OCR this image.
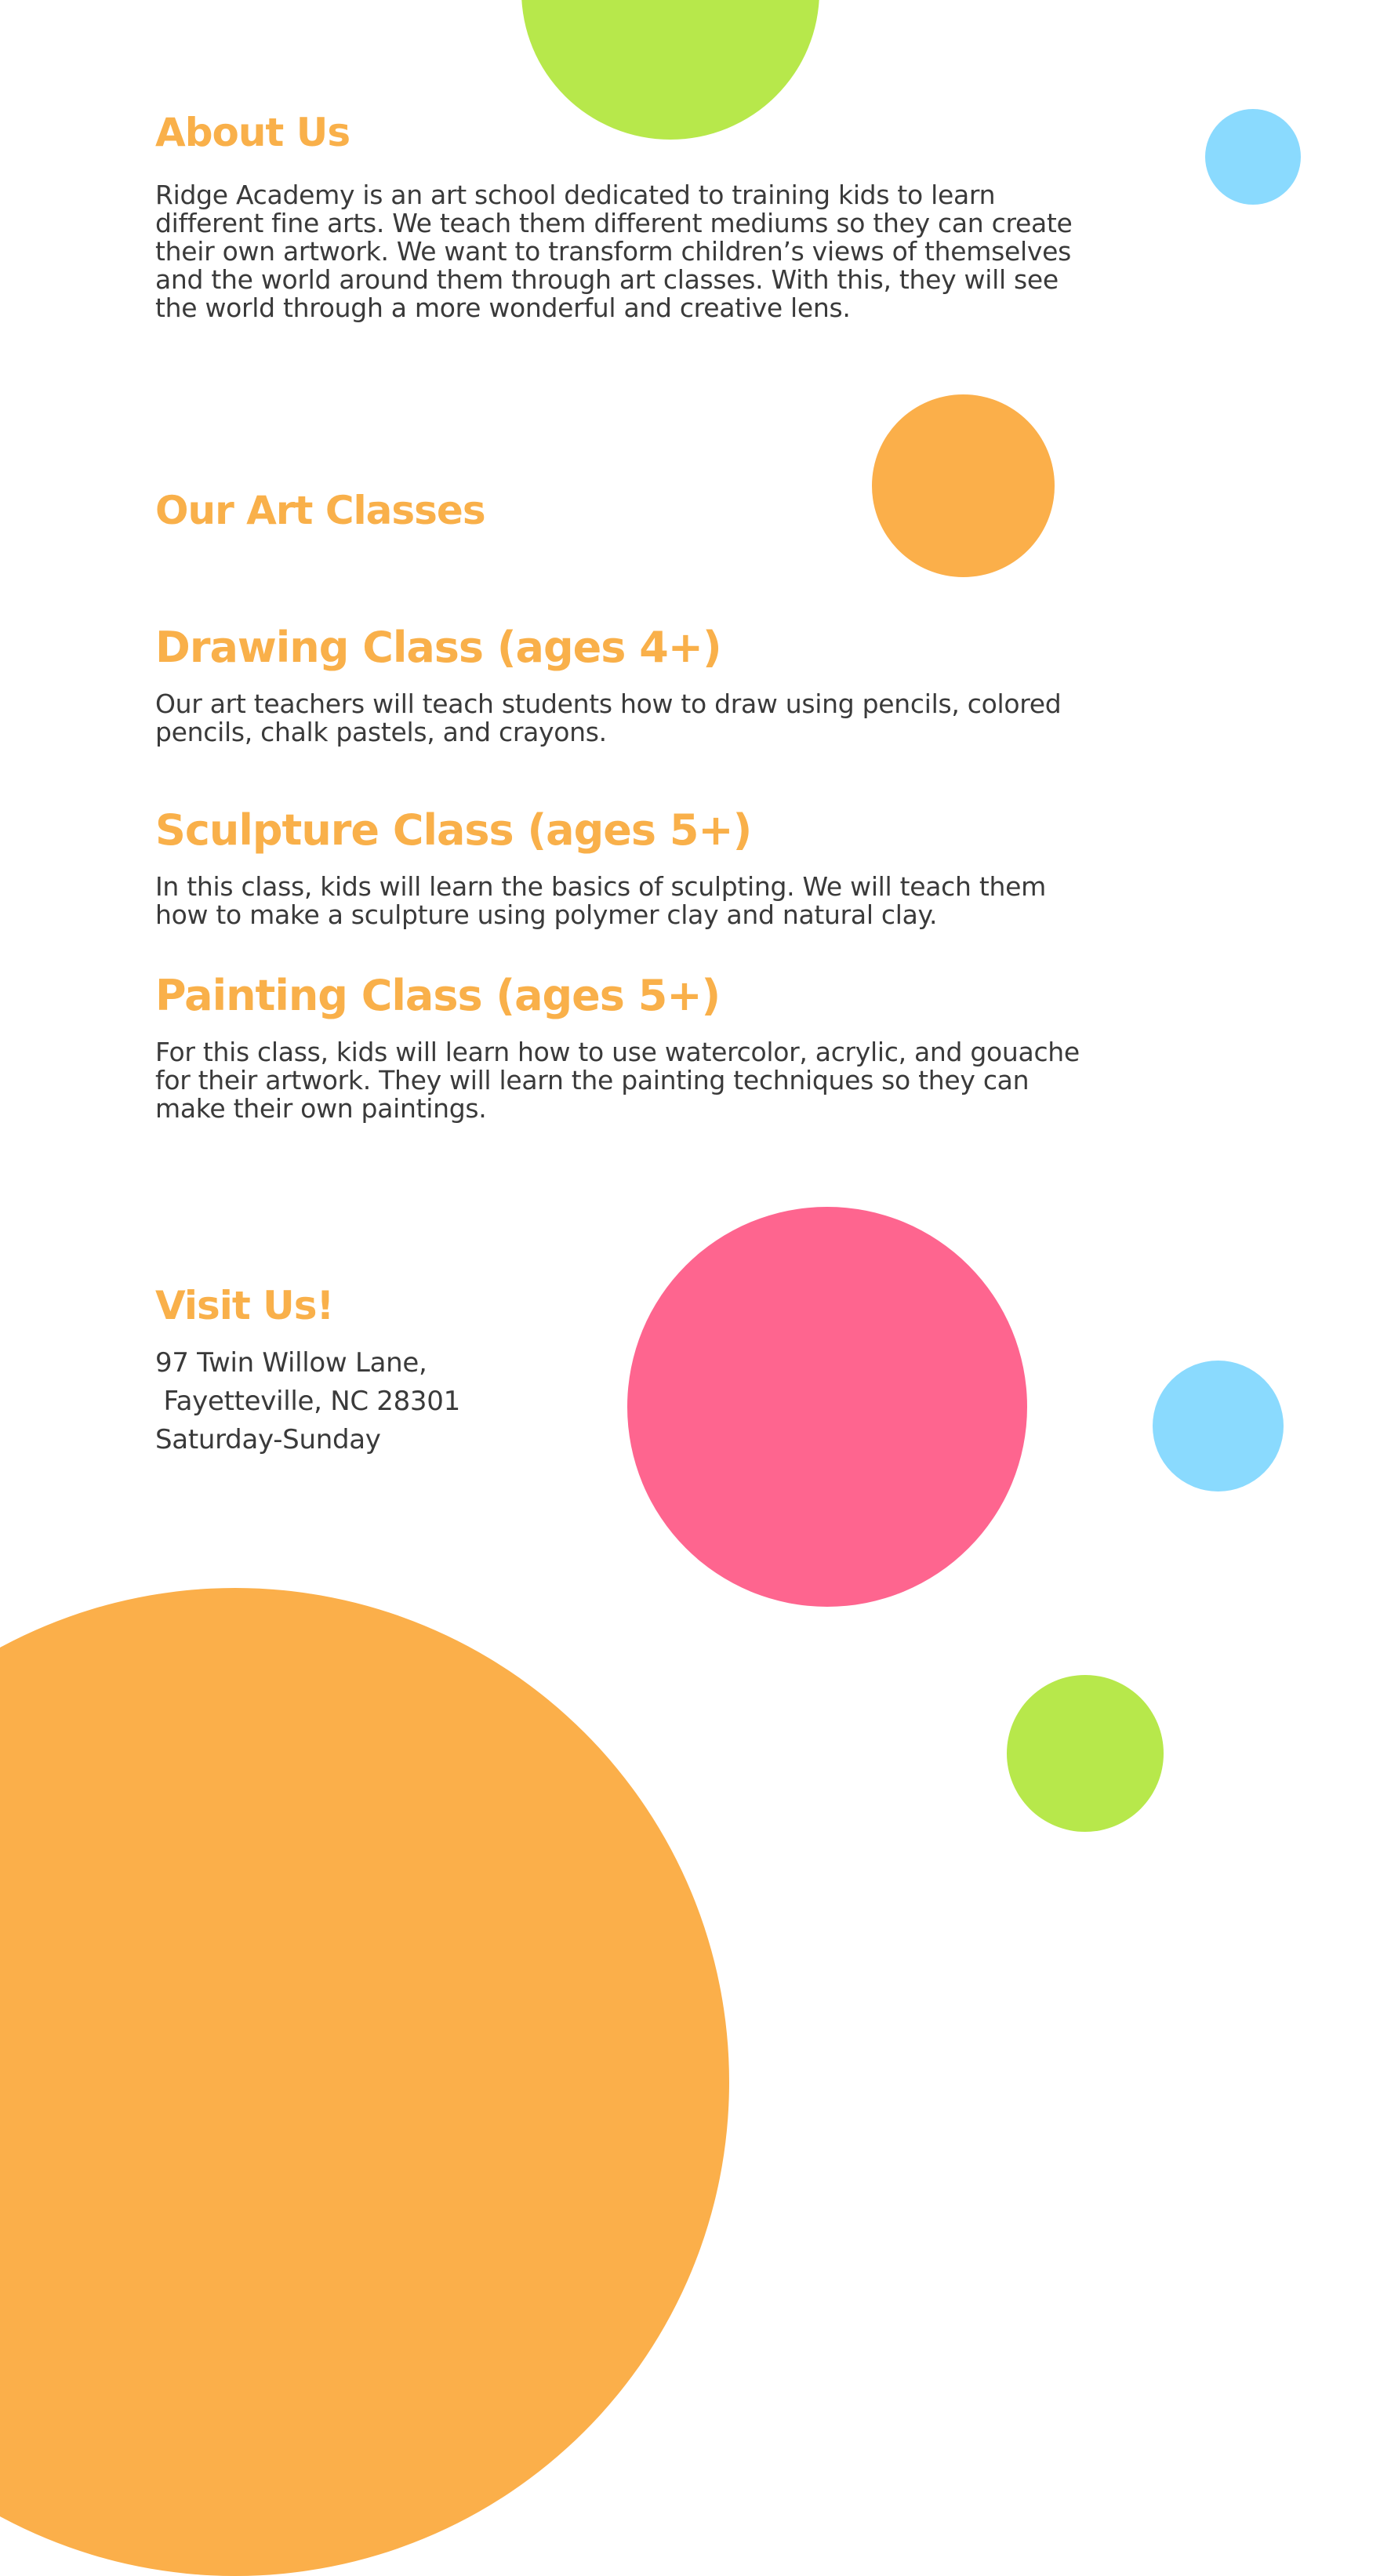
About Us
Ridge Academy is an art school dedicated to training kids to learn
different fine arts. We teach them different mediums so they can create
their own artwork. We want to transform children’s views of themselves
and the world around them through art classes. With this, they will see
the world through a more wonderful and creative lens.
Our Art Classes
Drawing Class (ages 4+)
Our art teachers will teach students how to draw using pencils, colored
pencils, chalk pastels, and crayons.
Sculpture Class (ages 5+)
In this class, kids will learn the basics of sculpting. We will teach them
how to make a sculpture using polymer clay and natural clay.
Painting Class (ages 5+)
For this class, kids will learn how to use watercolor, acrylic, and gouache
for their artwork. They will learn the painting techniques so they can
make their own paintings.
Visit Us!
97 Twin Willow Lane,
Fayetteville, NC 28301
Saturday-Sunday
